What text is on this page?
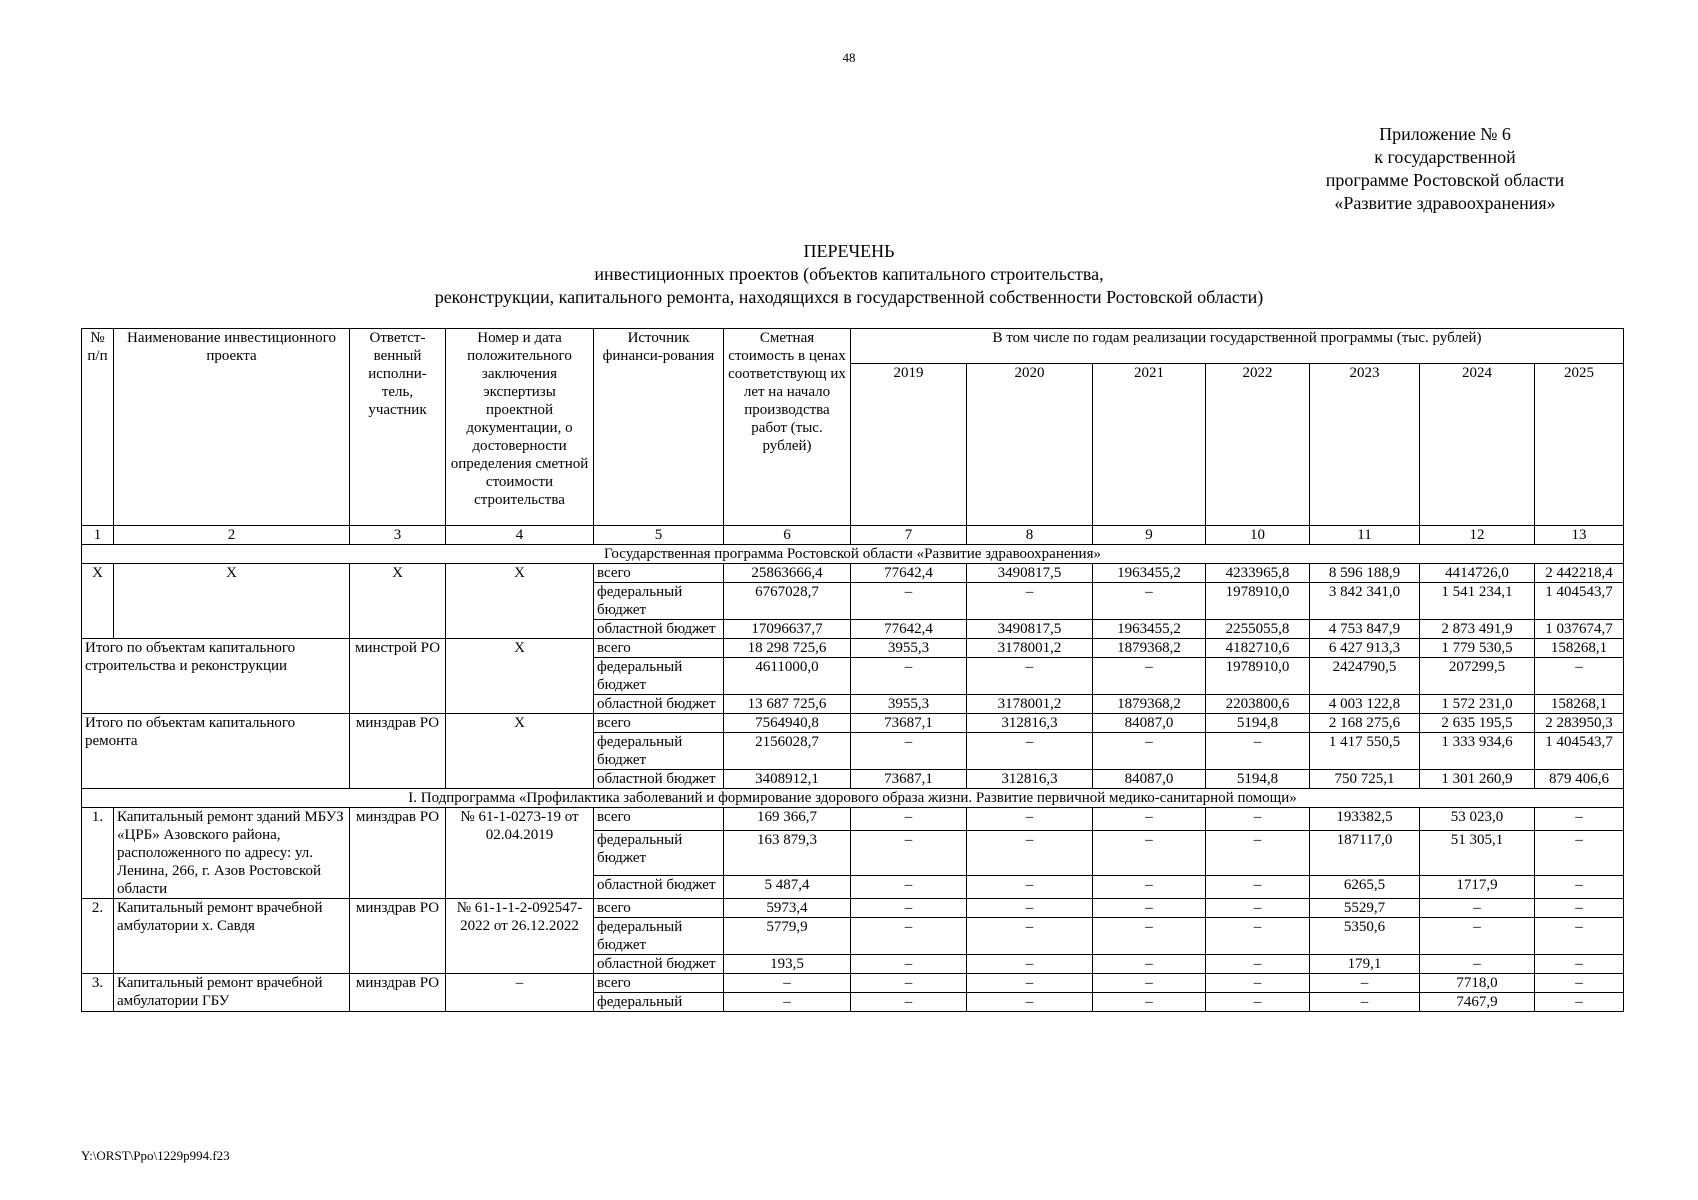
48
Приложение № 6
к государственной
программе Ростовской области
«Развитие здравоохранения»
ПЕРЕЧЕНЬ
инвестиционных проектов (объектов капитального строительства,
реконструкции, капитального ремонта, находящихся в государственной собственности Ростовской области)
№ п/п	Наименование инвестиционного проекта	Ответст-венный исполни-тель, участник	Номер и дата положительного заключения экспертизы проектной документации, о достоверности определения сметной стоимости строительства	Источник финанси-рования	Сметная стоимость в ценах соответствующ их лет на начало производства работ (тыс. рублей)	В том числе по годам реализации государственной программы (тыс. рублей)						
						2019	2020	2021	2022	2023	2024	2025
1	2	3	4	5	6	7	8	9	10	11	12	13
Государственная программа Ростовской области «Развитие здравоохранения»												
X	X	X	X	всего	25863666,4	77642,4	3490817,5	1963455,2	4233965,8	8 596 188,9	4414726,0	2 442218,4
				федеральный бюджет	6767028,7	–	–	–	1978910,0	3 842 341,0	1 541 234,1	1 404543,7
				областной бюджет	17096637,7	77642,4	3490817,5	1963455,2	2255055,8	4 753 847,9	2 873 491,9	1 037674,7
Итого по объектам капитального строительства и реконструкции		минстрой РО	X	всего	18 298 725,6	3955,3	3178001,2	1879368,2	4182710,6	6 427 913,3	1 779 530,5	158268,1
				федеральный бюджет	4611000,0	–	–	–	1978910,0	2424790,5	207299,5	–
				областной бюджет	13 687 725,6	3955,3	3178001,2	1879368,2	2203800,6	4 003 122,8	1 572 231,0	158268,1
Итого по объектам капитального ремонта		минздрав РО	X	всего	7564940,8	73687,1	312816,3	84087,0	5194,8	2 168 275,6	2 635 195,5	2 283950,3
				федеральный бюджет	2156028,7	–	–	–	–	1 417 550,5	1 333 934,6	1 404543,7
				областной бюджет	3408912,1	73687,1	312816,3	84087,0	5194,8	750 725,1	1 301 260,9	879 406,6
I. Подпрограмма «Профилактика заболеваний и формирование здорового образа жизни. Развитие первичной медико-санитарной помощи»												
1.	Капитальный ремонт зданий МБУЗ «ЦРБ» Азовского района, расположенного по адресу: ул. Ленина, 266, г. Азов Ростовской области	минздрав РО	№ 61-1-0273-19 от 02.04.2019	всего	169 366,7	–	–	–	–	193382,5	53 023,0	–
				федеральный бюджет	163 879,3	–	–	–	–	187117,0	51 305,1	–
				областной бюджет	5 487,4	–	–	–	–	6265,5	1717,9	–
2.	Капитальный ремонт врачебной амбулатории х. Савдя	минздрав РО	№ 61-1-1-2-092547-2022 от 26.12.2022	всего	5973,4	–	–	–	–	5529,7	–	–
				федеральный бюджет	5779,9	–	–	–	–	5350,6	–	–
				областной бюджет	193,5	–	–	–	–	179,1	–	–
3.	Капитальный ремонт врачебной амбулатории ГБУ	минздрав РО	–	всего	–	–	–	–	–	–	7718,0	–
				федеральный	–	–	–	–	–	–	7467,9	–
Y:\ORST\Ppo\1229p994.f23
